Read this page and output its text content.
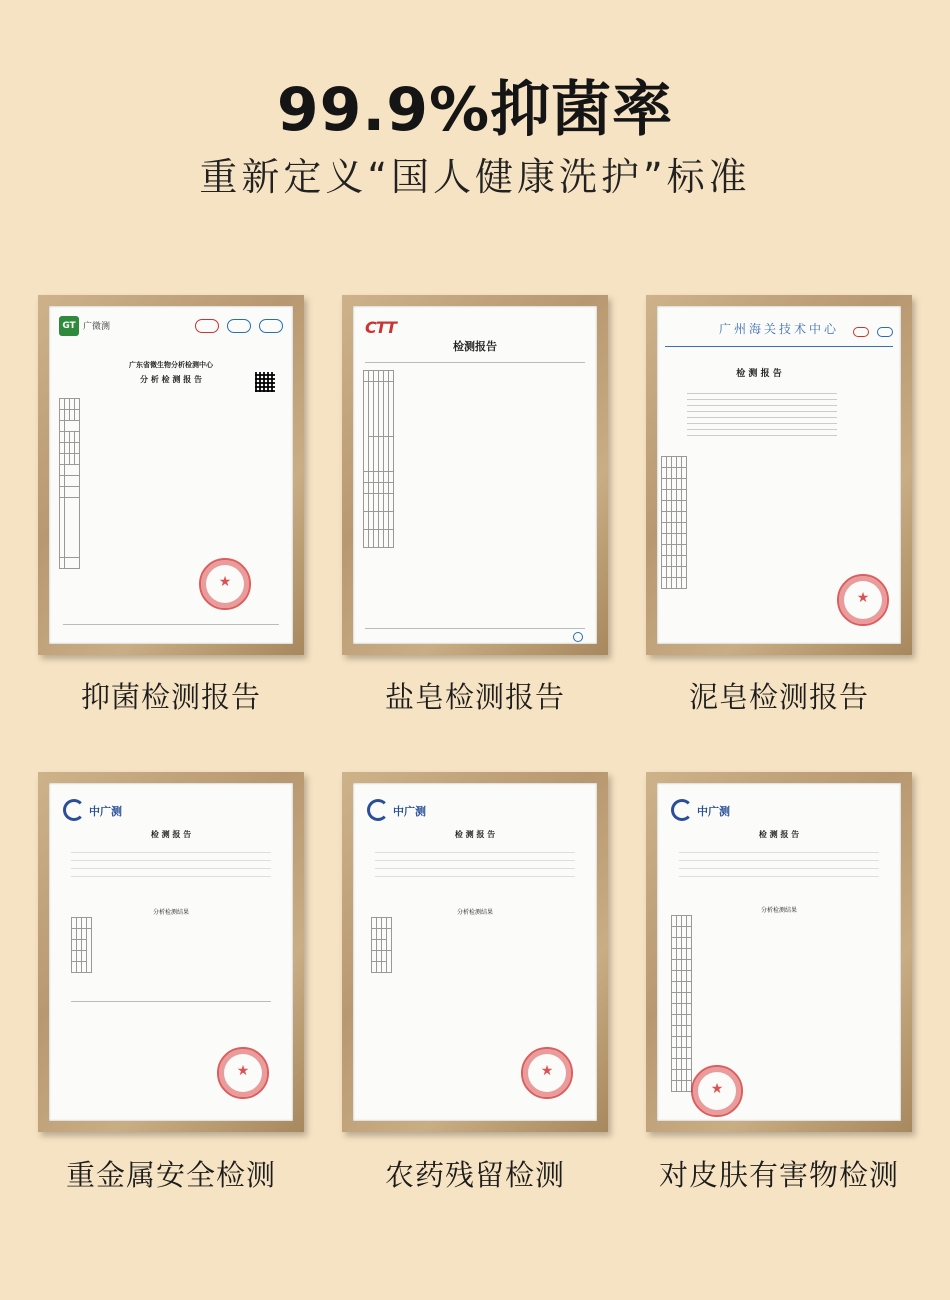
99.9%抑菌率
重新定义“国人健康洗护”标准
GT 广微测

广东省微生物分析检测中心
分 析 检 测 报 告

★
抑菌检测报告
CTT
检测报告

盐皂检测报告
广州海关技术中心

检 测 报 告

★
泥皂检测报告
中广测
检 测 报 告
分析检测结果

★
重金属安全检测
中广测
检 测 报 告
分析检测结果

★
农药残留检测
中广测
检 测 报 告
分析检测结果

★
对皮肤有害物检测
